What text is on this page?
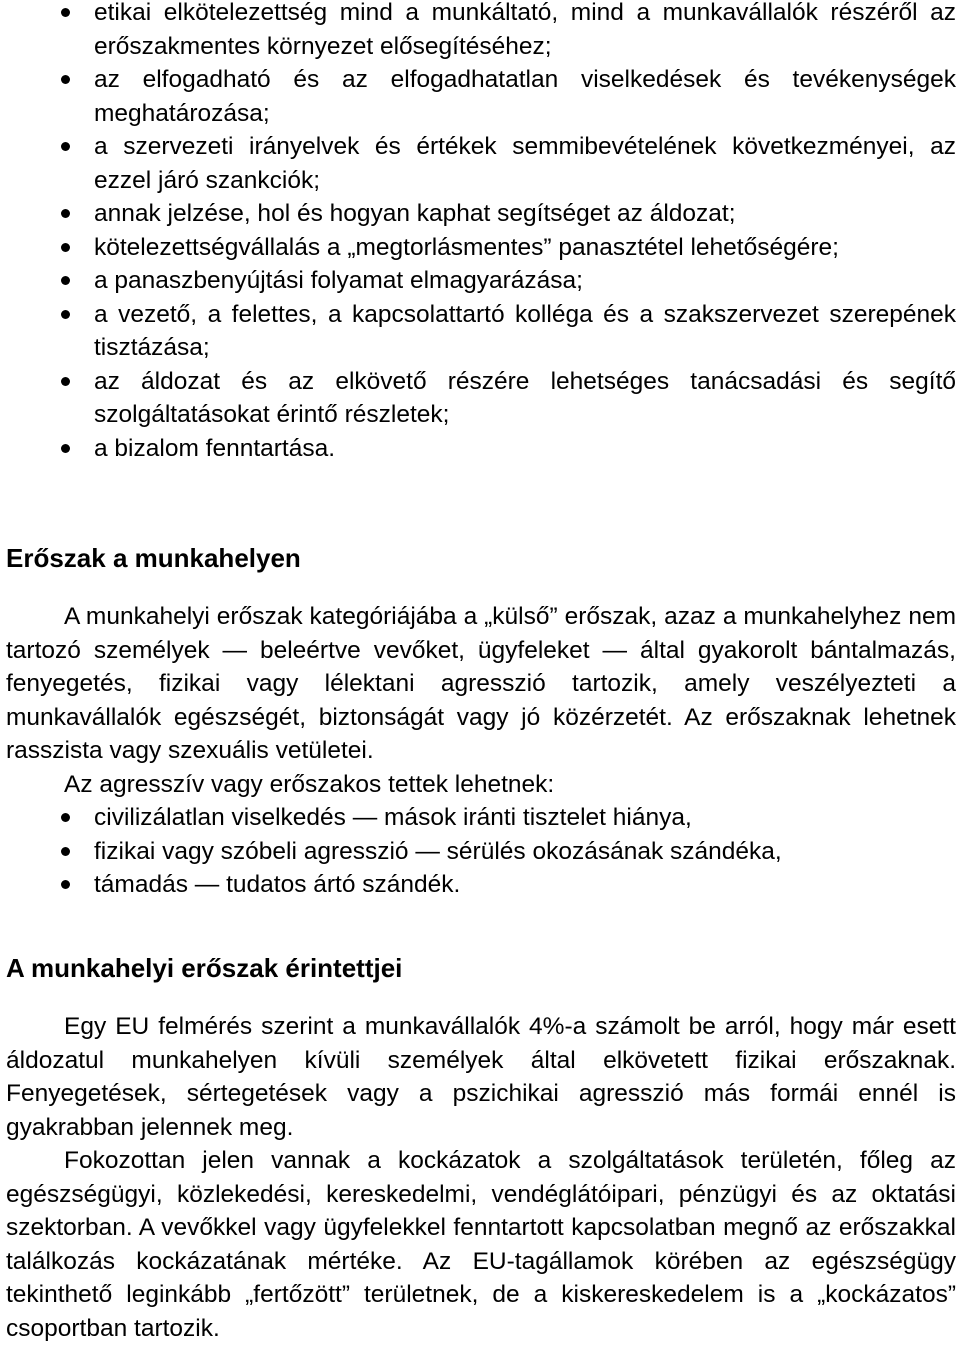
etikai elkötelezettség mind a munkáltató, mind a munkavállalók részéről az erőszakmentes környezet elősegítéséhez;
az elfogadható és az elfogadhatatlan viselkedések és tevékenységek meghatározása;
a szervezeti irányelvek és értékek semmibevételének következményei, az ezzel járó szankciók;
annak jelzése, hol és hogyan kaphat segítséget az áldozat;
kötelezettségvállalás a „megtorlásmentes” panasztétel lehetőségére;
a panaszbenyújtási folyamat elmagyarázása;
a vezető, a felettes, a kapcsolattartó kolléga és a szakszervezet szerepének tisztázása;
az áldozat és az elkövető részére lehetséges tanácsadási és segítő szolgáltatásokat érintő részletek;
a bizalom fenntartása.
Erőszak a munkahelyen

A munkahelyi erőszak kategóriájába a „külső” erőszak, azaz a munkahelyhez nem tartozó személyek — beleértve vevőket, ügyfeleket — által gyakorolt bántalmazás, fenyegetés, fizikai vagy lélektani agresszió tartozik, amely veszélyezteti a munkavállalók egészségét, biztonságát vagy jó közérzetét. Az erőszaknak lehetnek rasszista vagy szexuális vetületei.

Az agresszív vagy erőszakos tettek lehetnek:

civilizálatlan viselkedés — mások iránti tisztelet hiánya,
fizikai vagy szóbeli agresszió — sérülés okozásának szándéka,
támadás — tudatos ártó szándék.
A munkahelyi erőszak érintettjei

Egy EU felmérés szerint a munkavállalók 4%-a számolt be arról, hogy már esett áldozatul munkahelyen kívüli személyek által elkövetett fizikai erőszaknak. Fenyegetések, sértegetések vagy a pszichikai agresszió más formái ennél is gyakrabban jelennek meg.

Fokozottan jelen vannak a kockázatok a szolgáltatások területén, főleg az egészségügyi, közlekedési, kereskedelmi, vendéglátóipari, pénzügyi és az oktatási szektorban. A vevőkkel vagy ügyfelekkel fenntartott kapcsolatban megnő az erőszakkal találkozás kockázatának mértéke. Az EU-tagállamok körében az egészségügy tekinthető leginkább „fertőzött” területnek, de a kiskereskedelem is a „kockázatos” csoportban tartozik.
